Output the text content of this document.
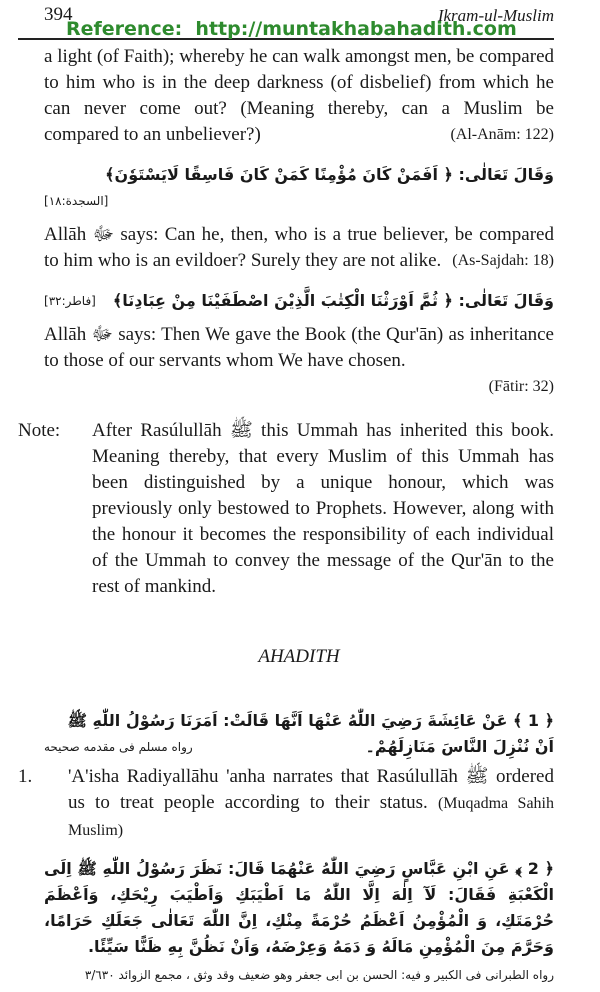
394
Reference:  http://muntakhabahadith.com
Ikram-ul-Muslim
a light (of Faith); whereby he can walk amongst men, be compared to him who is in the deep darkness (of disbelief) from which he can never come out? (Meaning thereby, can a Muslim be compared to an unbeliever?)	(Al-Anām: 122)
وَقَالَ تَعَالٰى: ﴿ اَفَمَنْ كَانَ مُؤْمِنًا كَمَنْ كَانَ فَاسِقًا لَايَسْتَوٗنَ﴾
[السجدة:١٨]
Allāh ﷻ says: Can he, then, who is a true believer, be compared to him who is an evildoer? Surely they are not alike. (As-Sajdah: 18)
وَقَالَ تَعَالٰى: ﴿ ثُمَّ اَوْرَثْنَا الْكِتٰبَ الَّذِيْنَ اصْطَفَيْنَا مِنْ عِبَادِنَا﴾
[فاطر:٣٢]
Allāh ﷻ says: Then We gave the Book (the Qur'ān) as inheritance to those of our servants whom We have chosen.
(Fātir: 32)
Note:	After Rasúlullāh ﷺ this Ummah has inherited this book. Meaning thereby, that every Muslim of this Ummah has been distinguished by a unique honour, which was previously only bestowed to Prophets. However, along with the honour it becomes the responsibility of each individual of the Ummah to convey the message of the Qur'ān to the rest of mankind.
AHADITH
﴿ 1 ﴾ عَنْ عَائِشَةَ رَضِيَ اللّٰهُ عَنْهَا اَنَّهَا قَالَتْ: اَمَرَنَا رَسُوْلُ اللّٰهِ ﷺ اَنْ نُنْزِلَ النَّاسَ مَنَازِلَهُمْ۔
رواه مسلم فی مقدمه صحيحه
1.	'A'isha Radiyallāhu 'anha narrates that Rasúlullāh ﷺ ordered us to treat people according to their status. (Muqadma Sahih Muslim)
﴿ 2 ﴾ عَنِ ابْنِ عَبَّاسٍ رَضِيَ اللّٰهُ عَنْهُمَا قَالَ: نَظَرَ رَسُوْلُ اللّٰهِ ﷺ اِلَى الْكَعْبَةِ فَقَالَ: لَآ اِلٰهَ اِلَّا اللّٰهُ مَا اَطْيَبَكِ وَاَطْيَبَ رِيْحَكِ، وَاَعْظَمَ حُرْمَتَكِ، وَ الْمُؤْمِنُ اَعْظَمُ حُرْمَةً مِنْكِ، اِنَّ اللّٰهَ تَعَالٰى جَعَلَكِ حَرَامًا، وَحَرَّمَ مِنَ الْمُؤْمِنِ مَالَهُ وَ دَمَهُ وَعِرْضَهُ، وَاَنْ نَظُنَّ بِهِ ظَنًّا سَيِّئًا.
رواه الطبرانی فی الکبير و فيه: الحسن بن ابی جعفر وهو ضعيف وقد وثق ، مجمع الزوائد ٣/٦٣٠
